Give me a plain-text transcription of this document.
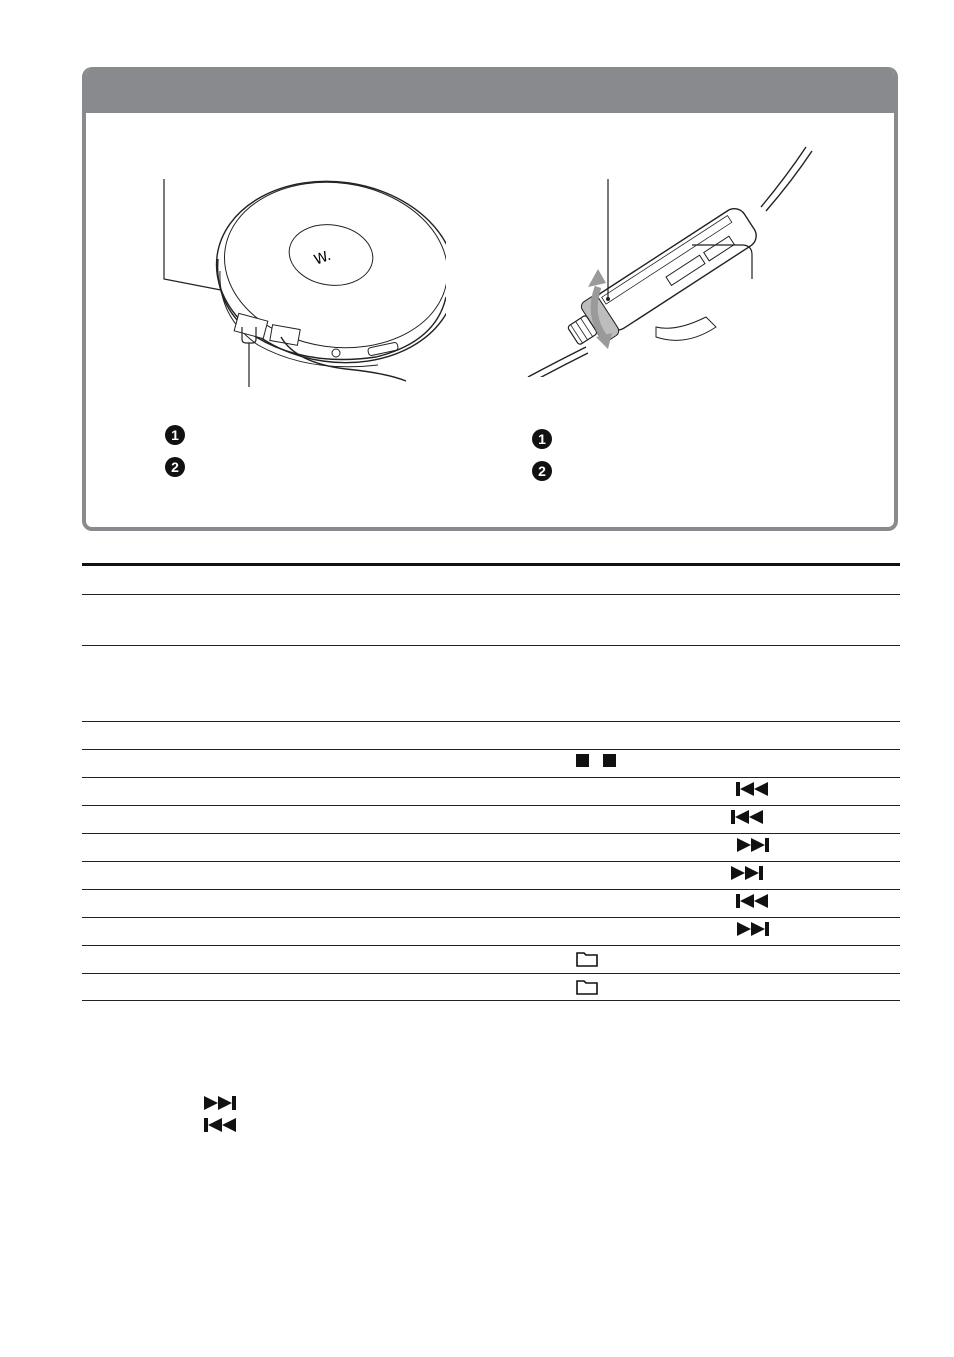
W.
1
2
1
2
